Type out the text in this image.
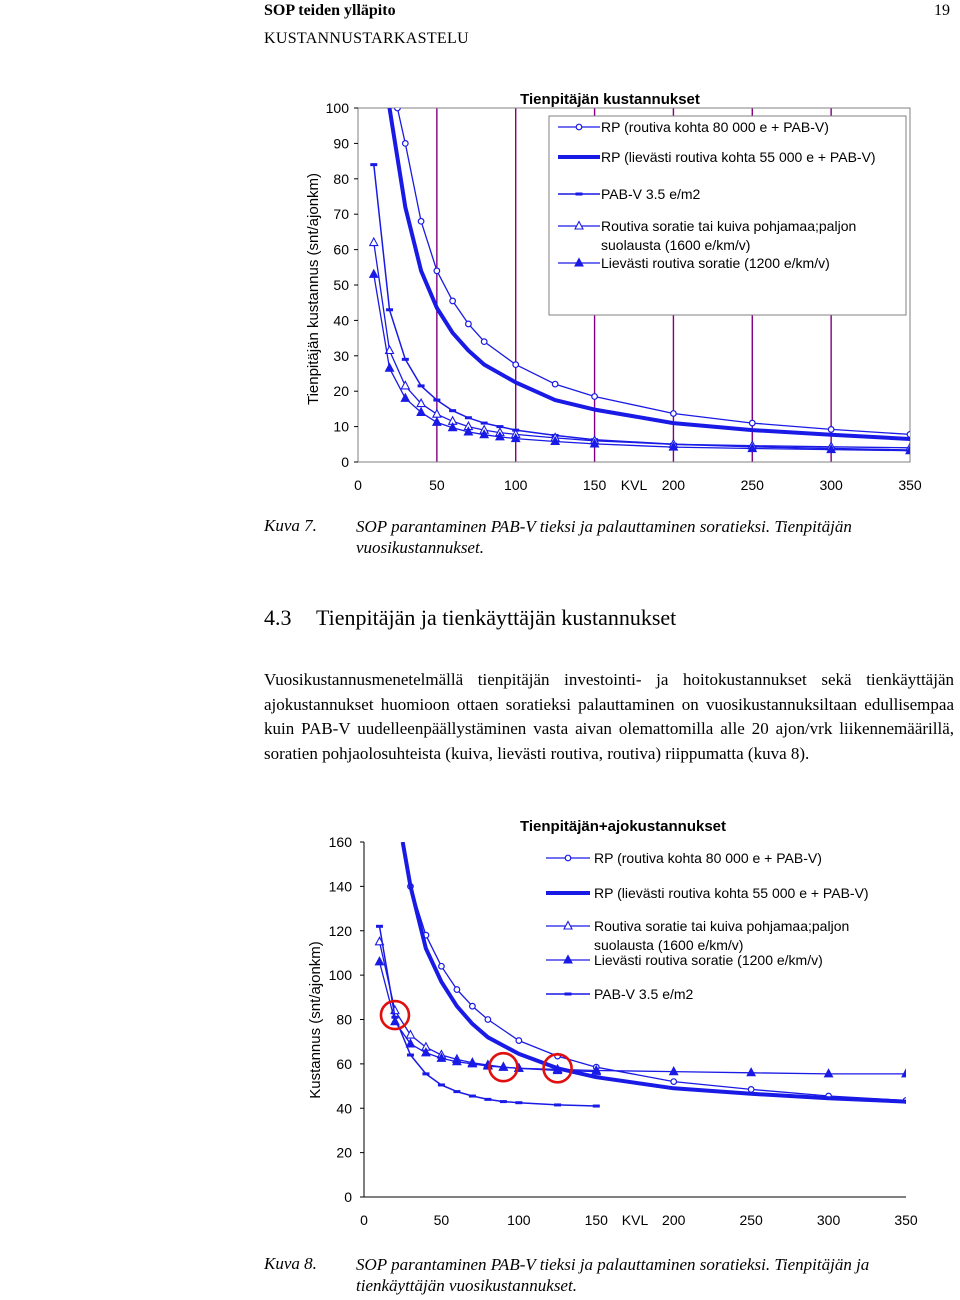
SOP teiden ylläpito
KUSTANNUSTARKASTELU
19
0
10
20
30
40
50
60
70
80
90
100
0	50	100	150	200	250	300	350
KVL
Tienpitäjän kustannus (snt/ajonkm)
Tienpitäjän kustannukset
RP (routiva kohta 80 000 e + PAB-V)
RP (lievästi routiva kohta 55 000 e + PAB-V)
PAB-V 3.5 e/m2
Routiva soratie tai kuiva pohjamaa;paljon
suolausta (1600 e/km/v)
Lievästi routiva soratie (1200 e/km/v)
Kuva 7. SOP parantaminen PAB-V tieksi ja palauttaminen soratieksi. Tienpitäjän vuosikustannukset.
4.3 Tienpitäjän ja tienkäyttäjän kustannukset
Vuosikustannusmenetelmällä tienpitäjän investointi- ja hoitokustannukset sekä tienkäyttäjän ajokustannukset huomioon ottaen soratieksi palauttaminen on vuosikustannuksiltaan edullisempaa kuin PAB-V uudelleenpäällystäminen vasta aivan olemattomilla alle 20 ajon/vrk liikennemäärillä, soratien pohjaolosuhteista (kuiva, lievästi routiva, routiva) riippumatta (kuva 8).
0
20
40
60
80
100
120
140
160
0	50	100	150	200	250	300	350
KVL
Kustannus (snt/ajonkm)
Tienpitäjän+ajokustannukset
RP (routiva kohta 80 000 e + PAB-V)
RP (lievästi routiva kohta 55 000 e + PAB-V)
Routiva soratie tai kuiva pohjamaa;paljon
suolausta (1600 e/km/v)
Lievästi routiva soratie (1200 e/km/v)
PAB-V 3.5 e/m2
Kuva 8. SOP parantaminen PAB-V tieksi ja palauttaminen soratieksi. Tienpitäjän ja tienkäyttäjän vuosikustannukset.
